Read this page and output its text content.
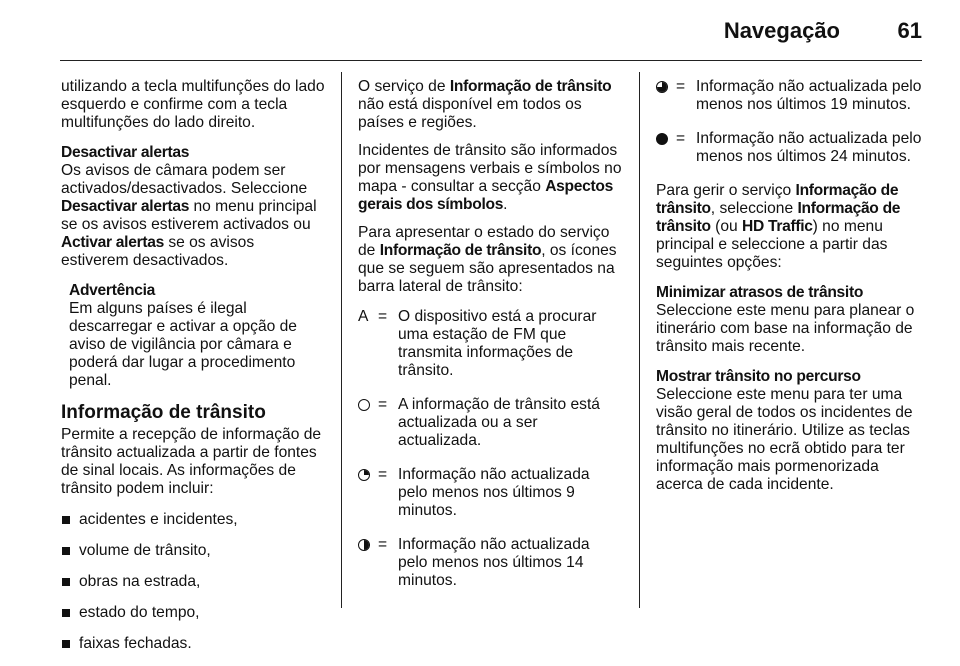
Navegação	61

utilizando a tecla multifunções do lado esquerdo e confirme com a tecla multifunções do lado direito.

Desactivar alertas
Os avisos de câmara podem ser activados/desactivados. Seleccione Desactivar alertas no menu principal se os avisos estiverem activados ou Activar alertas se os avisos estiverem desactivados.

Advertência
Em alguns países é ilegal descarregar e activar a opção de aviso de vigilância por câmara e poderá dar lugar a procedimento penal.
Informação de trânsito

Permite a recepção de informação de trânsito actualizada a partir de fontes de sinal locais. As informações de trânsito podem incluir:

acidentes e incidentes,
volume de trânsito,
obras na estrada,
estado do tempo,
faixas fechadas.

O serviço de Informação de trânsito não está disponível em todos os países e regiões.

Incidentes de trânsito são informados por mensagens verbais e símbolos no mapa - consultar a secção Aspectos gerais dos símbolos.

Para apresentar o estado do serviço de Informação de trânsito, os ícones que se seguem são apresentados na barra lateral de trânsito:

A = O dispositivo está a procurar uma estação de FM que transmita informações de trânsito.
= A informação de trânsito está actualizada ou a ser actualizada.
= Informação não actualizada pelo menos nos últimos 9 minutos.
= Informação não actualizada pelo menos nos últimos 14 minutos.
= Informação não actualizada pelo menos nos últimos 19 minutos.
= Informação não actualizada pelo menos nos últimos 24 minutos.

Para gerir o serviço Informação de trânsito, seleccione Informação de trânsito (ou HD Traffic) no menu principal e seleccione a partir das seguintes opções:

Minimizar atrasos de trânsito
Seleccione este menu para planear o itinerário com base na informação de trânsito mais recente.

Mostrar trânsito no percurso
Seleccione este menu para ter uma visão geral de todos os incidentes de trânsito no itinerário. Utilize as teclas multifunções no ecrã obtido para ter informação mais pormenorizada acerca de cada incidente.
